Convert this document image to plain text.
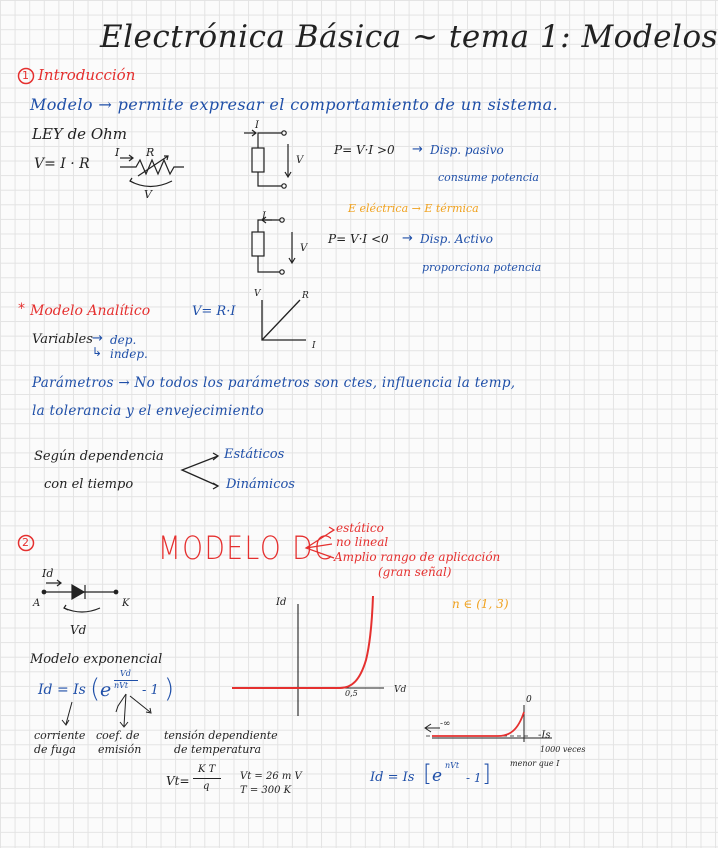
Electrónica Básica ~ tema 1: Modelos
1 Introducción
Modelo → permite expresar el comportamiento de un sistema.
LEY de Ohm
V= I · R
I R
V
I
V
P= V·I >0 → Disp. pasivo
consume potencia
E eléctrica → E térmica
I
V
P= V·I <0 → Disp. Activo
proporciona potencia
* Modelo Analítico	V= R·I
V	R
I
Variables → dep.
↳ indep.
Parámetros → No todos los parámetros son ctes, influencia la temp,
la tolerancia y el envejecimiento
Según dependencia
con el tiempo
Estáticos
Dinámicos
2	MODELO DC
estático
no lineal
Amplio rango de aplicación
(gran señal)
Id
A	K
Vd
n ∈ (1, 3)
Id
Vd
0,5
Modelo exponencial
Id = Is ( e
Vd
nVt - 1 )
corriente
de fuga
coef. de
emisión
tensión dependiente
de temperatura
Vt=
K T
q
Vt = 26 m V
T = 300 K
-∞
0
-Is
1000 veces
menor que I
Id = Is [ e
nVt
- 1 ]
